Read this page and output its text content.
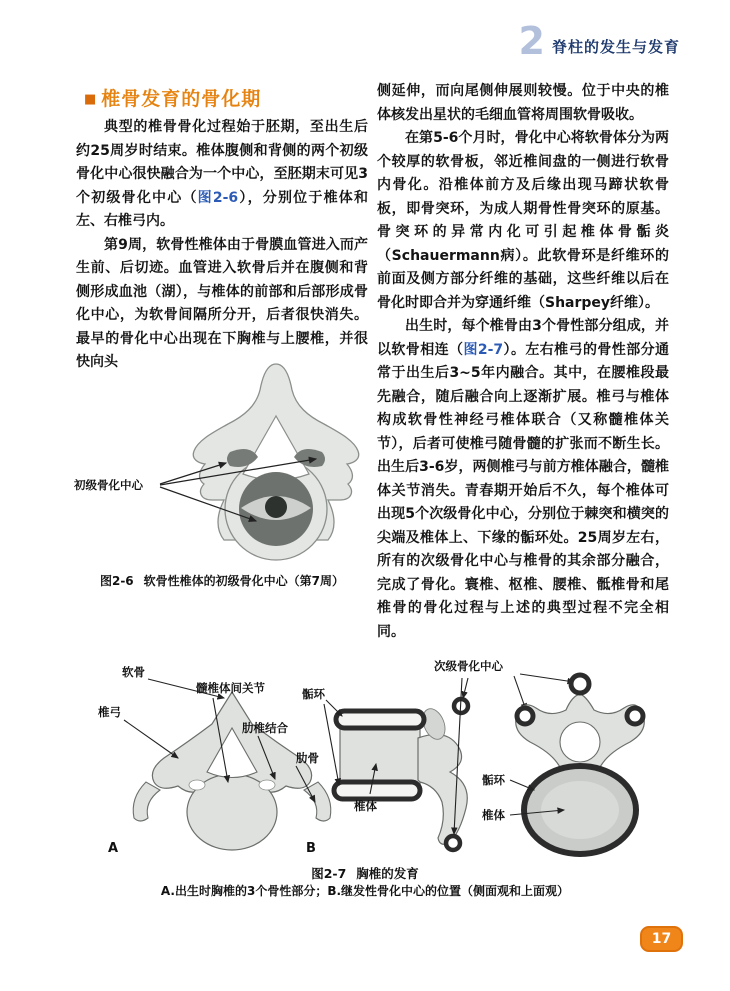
2 脊柱的发生与发育
■ 椎骨发育的骨化期

典型的椎骨骨化过程始于胚期，至出生后约25周岁时结束。椎体腹侧和背侧的两个初级骨化中心很快融合为一个中心，至胚期末可见3个初级骨化中心（图2-6），分别位于椎体和左、右椎弓内。

第9周，软骨性椎体由于骨膜血管进入而产生前、后切迹。血管进入软骨后并在腹侧和背侧形成血池（湖），与椎体的前部和后部形成骨化中心，为软骨间隔所分开，后者很快消失。最早的骨化中心出现在下胸椎与上腰椎，并很快向头

侧延伸，而向尾侧伸展则较慢。位于中央的椎体核发出星状的毛细血管将周围软骨吸收。

在第5-6个月时，骨化中心将软骨体分为两个较厚的软骨板，邻近椎间盘的一侧进行软骨内骨化。沿椎体前方及后缘出现马蹄状软骨板，即骨突环，为成人期骨性骨突环的原基。骨突环的异常内化可引起椎体骨骺炎（Schauermann病）。此软骨环是纤维环的前面及侧方部分纤维的基础，这些纤维以后在骨化时即合并为穿通纤维（Sharpey纤维）。

出生时，每个椎骨由3个骨性部分组成，并以软骨相连（图2-7）。左右椎弓的骨性部分通常于出生后3~5年内融合。其中，在腰椎段最先融合，随后融合向上逐渐扩展。椎弓与椎体构成软骨性神经弓椎体联合（又称髓椎体关节），后者可使椎弓随骨髓的扩张而不断生长。出生后3-6岁，两侧椎弓与前方椎体融合，髓椎体关节消失。青春期开始后不久，每个椎体可出现5个次级骨化中心，分别位于棘突和横突的尖端及椎体上、下缘的骺环处。25周岁左右，所有的次级骨化中心与椎骨的其余部分融合，完成了骨化。寰椎、枢椎、腰椎、骶椎骨和尾椎骨的骨化过程与上述的典型过程不完全相同。

初级骨化中心
图2-6 软骨性椎体的初级骨化中心（第7周）
软骨
椎弓
髓椎体间关节
肋椎结合
肋骨
A
骺环
椎体
B
次级骨化中心
骺环
椎体
图2-7 胸椎的发育
A.出生时胸椎的3个骨性部分；B.继发性骨化中心的位置（侧面观和上面观）
17
